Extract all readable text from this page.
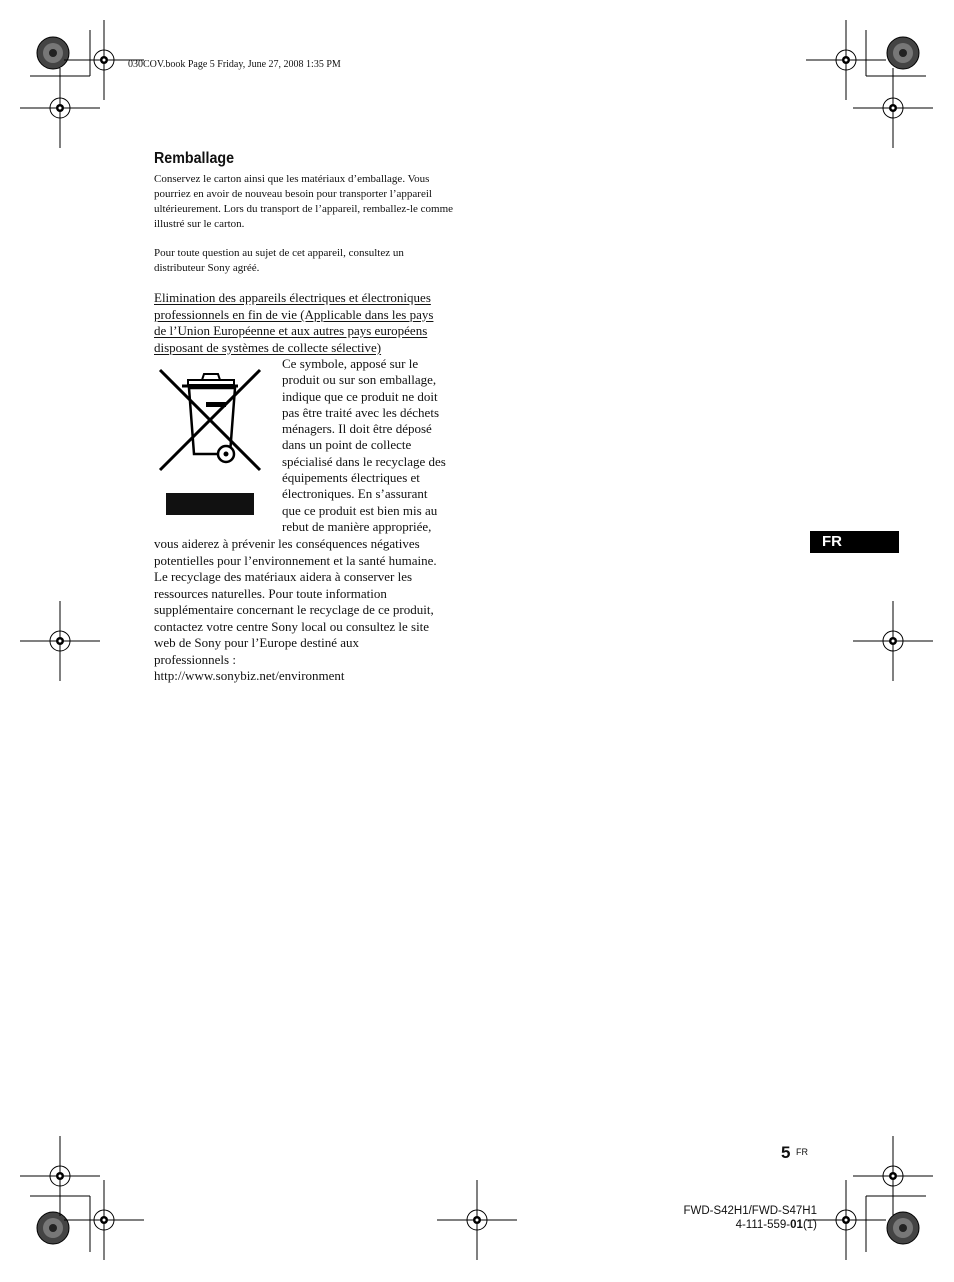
030COV.book Page 5 Friday, June 27, 2008 1:35 PM
Remballage
Conservez le carton ainsi que les matériaux d’emballage. Vous pourriez en avoir de nouveau besoin pour transporter l’appareil ultérieurement. Lors du transport de l’appareil, remballez-le comme illustré sur le carton.
Pour toute question au sujet de cet appareil, consultez un distributeur Sony agréé.
Elimination des appareils électriques et électroniques
professionnels en fin de vie (Applicable dans les pays
de l’Union Européenne et aux autres pays européens
disposant de systèmes de collecte sélective)
Ce symbole, apposé sur le
produit ou sur son emballage,
indique que ce produit ne doit
pas être traité avec les déchets
ménagers. Il doit être déposé
dans un point de collecte
spécialisé dans le recyclage des
équipements électriques et
électroniques. En s’assurant
que ce produit est bien mis au
rebut de manière appropriée,
vous aiderez à prévenir les conséquences négatives
potentielles pour l’environnement et la santé humaine.
Le recyclage des matériaux aidera à conserver les
ressources naturelles. Pour toute information
supplémentaire concernant le recyclage de ce produit,
contactez votre centre Sony local ou consultez le site
web de Sony pour l’Europe destiné aux
professionnels :
http://www.sonybiz.net/environment
FR
5 FR
FWD-S42H1/FWD-S47H1
4-111-559-01(1)
